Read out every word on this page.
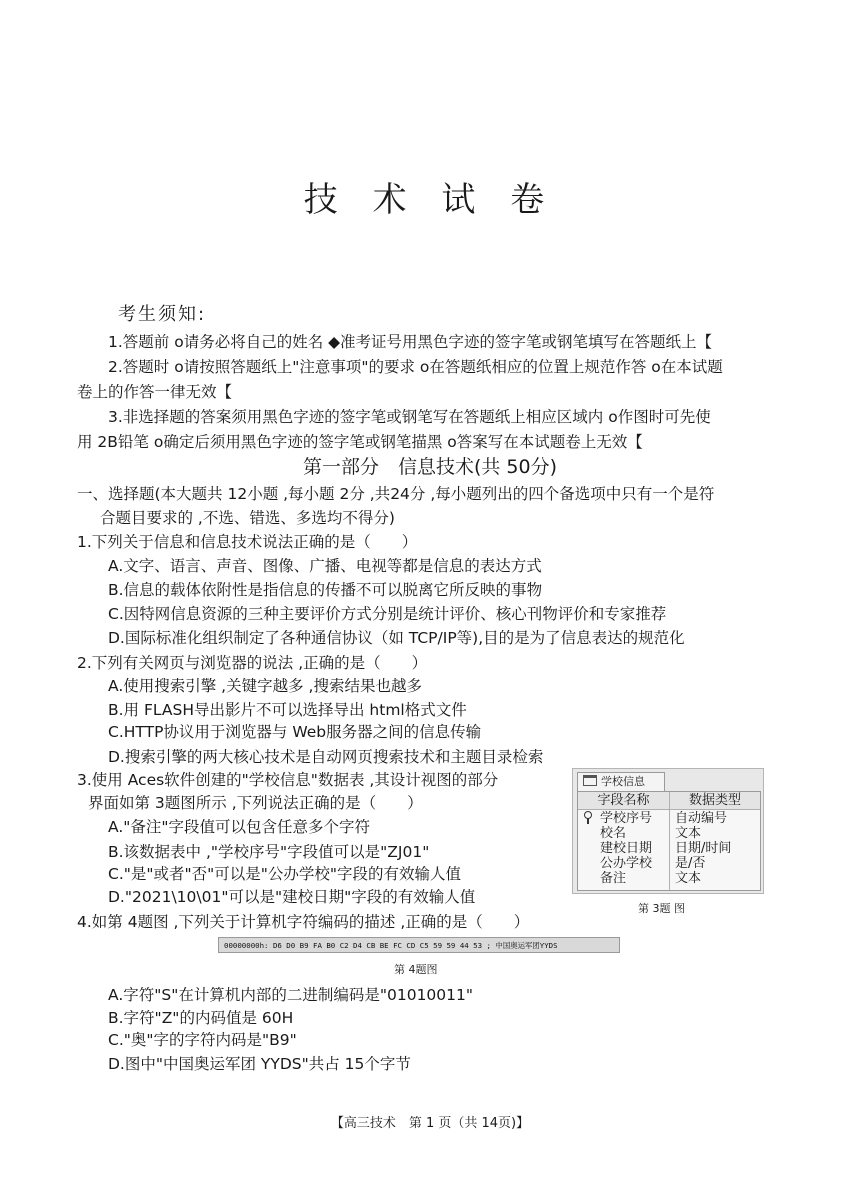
技 术 试 卷
考生须知:
1.答题前 o请务必将自己的姓名 ◆准考证号用黑色字迹的签字笔或钢笔填写在答题纸上【
2.答题时 o请按照答题纸上"注意事项"的要求 o在答题纸相应的位置上规范作答 o在本试题
卷上的作答一律无效【
3.非选择题的答案须用黑色字迹的签字笔或钢笔写在答题纸上相应区域内 o作图时可先使
用 2B铅笔 o确定后须用黑色字迹的签字笔或钢笔描黑 o答案写在本试题卷上无效【
第一部分　信息技术(共 50分)
一、选择题(本大题共 12小题 ,每小题 2分 ,共24分 ,每小题列出的四个备选项中只有一个是符
合题目要求的 ,不选、错选、多选均不得分)
1.下列关于信息和信息技术说法正确的是（　　）
A.文字、语言、声音、图像、广播、电视等都是信息的表达方式
B.信息的载体依附性是指信息的传播不可以脱离它所反映的事物
C.因特网信息资源的三种主要评价方式分别是统计评价、核心刊物评价和专家推荐
D.国际标准化组织制定了各种通信协议（如 TCP/IP等),目的是为了信息表达的规范化
2.下列有关网页与浏览器的说法 ,正确的是（　　）
A.使用搜索引擎 ,关键字越多 ,搜索结果也越多
B.用 FLASH导出影片不可以选择导出 html格式文件
C.HTTP协议用于浏览器与 Web服务器之间的信息传输
D.搜索引擎的两大核心技术是自动网页搜索技术和主题目录检索
3.使用 Aces软件创建的"学校信息"数据表 ,其设计视图的部分
界面如第 3题图所示 ,下列说法正确的是（　　）
A."备注"字段值可以包含任意多个字符
B.该数据表中 ,"学校序号"字段值可以是"ZJ01"
C."是"或者"否"可以是"公办学校"字段的有效输人值
D."2021\10\01"可以是"建校日期"字段的有效输人值
学校信息
字段名称	数据类型
学校序号 自动编号
校名	文本
建校日期 日期/时间
公办学校 是/否
备注	文本
第 3题 图
4.如第 4题图 ,下列关于计算机字符编码的描述 ,正确的是（　　）
00000000h: D6 D0 B9 FA B0 C2 D4 CB BE FC CD C5 59 59 44 53 ; 中国奥运军团YYDS
第 4题图
A.字符"S"在计算机内部的二进制编码是"01010011"
B.字符"Z"的内码值是 60H
C."奥"字的字符内码是"B9"
D.图中"中国奥运军团 YYDS"共占 15个字节
【高三技术　第 1 页（共 14页)】
